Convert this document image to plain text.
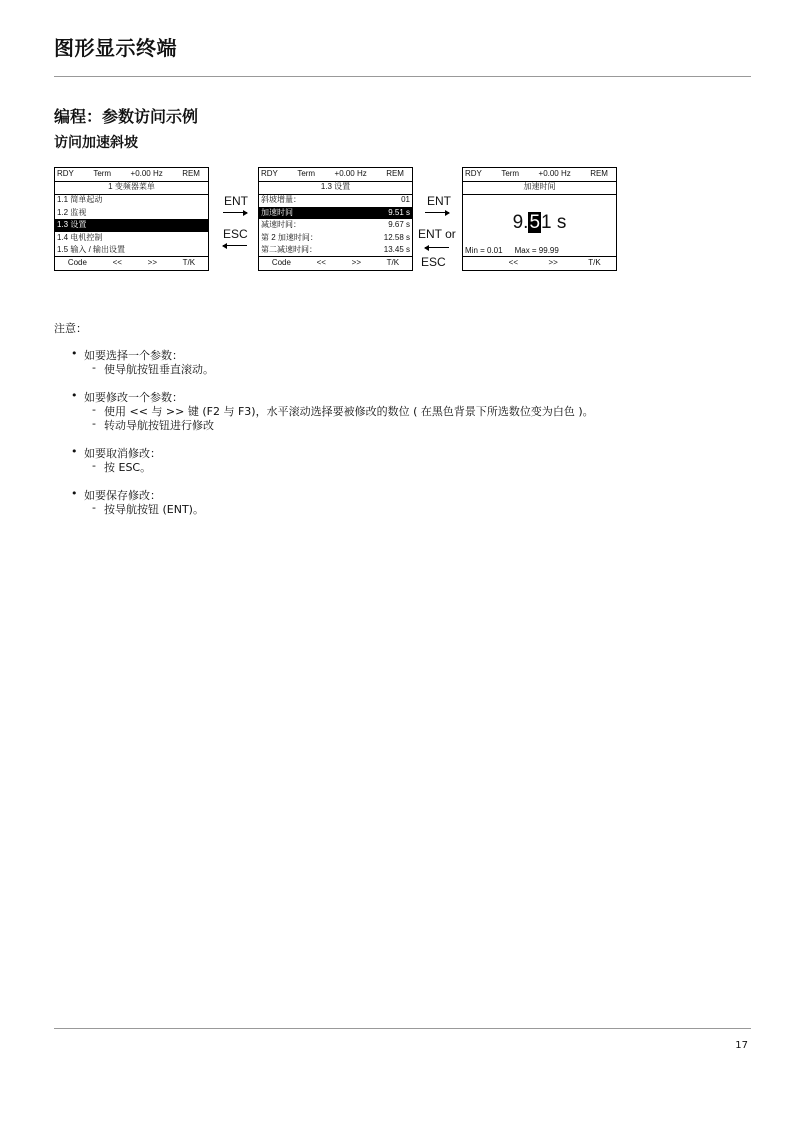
图形显示终端
编程：参数访问示例
访问加速斜坡
RDY Term +0.00 Hz REM
1 变频器菜单
1.1 简单起动
1.2 监视
1.3 设置
1.4 电机控制
1.5 输入 / 输出设置
Code	<<	>>	T/K
ENT
ESC
RDY Term +0.00 Hz REM
1.3 设置
斜坡增量：	01
加速时间	9.51 s
减速时间：	9.67 s
第 2 加速时间：	12.58 s
第二减速时间：	13.45 s
Code	<<	>>	T/K
ENT
ENT or
ESC
RDY Term +0.00 Hz REM
加速时间
9.51 s
Min = 0.01 Max = 99.99
<<	>>	T/K
注意：
• 如要选择一个参数：
- 使导航按钮垂直滚动。
• 如要修改一个参数：
- 使用 << 与 >> 键 (F2 与 F3)，水平滚动选择要被修改的数位 ( 在黑色背景下所选数位变为白色 )。
- 转动导航按钮进行修改
• 如要取消修改：
- 按 ESC。
• 如要保存修改：
- 按导航按钮 (ENT)。
17
